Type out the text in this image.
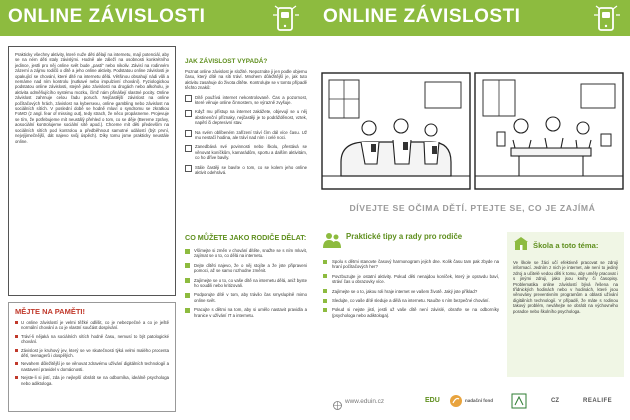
ONLINE ZÁVISLOSTI
Prakticky všechny aktivity, které nuže děti dělají na internetu, mají potenciál, aby se na ném děti staly závislými. Hodně ale záleží na osobnosti konkrétního jedince, jestli pro něj online svět bude „pastí“ nebo nikoliv. Závisí na rodinném zázemí a zájmu rodičů o dítě a jeho online aktivity. Podstatou online závislosti je opakující se chování, které dítě na internetu dělá. Většinou obsahují nádi vůli a nemáme nad ním kontrolu (nutkavé nebo impulzivní chování). Fyziologickou podstatou online závislosti, stejně jako závislosti na drogách nebo alkoholu, je aktivita odměňujícího systému mozku, čímž nám přinášejí slastné pocity. Online závislost zahrnuje celou řadu poruch. Nejčastější závislost na online počítačových hrách, závislost na kybersexu, online gambling nebo závislost na sociálních sítích. V poslední době se hodně mluví o syndromu se zkratkou FoMO (z angl. fear of missing out), tedy strach, že něco propásneme. Projevuje se tím, že potřebujeme mít neustálý přehled o tom, co se děje (Bereme zprávy, aosociální kontrolujeme sociální sítě apod.). Chceme mít děti především na sociálních sítích pod kontrolou a předběhnout samotné událostí (být první, nejvýjimečnější, dát najevo svůj úspěch). Díky tomu jsme prakticky neustále online.
MĚJTE NA PAMĚTI!
U online závislostí je velmi těžké odlišit, co je nebezpečné a co je ještě normální chování a co je vlastní součást dospívání.
Tráví-li nějaká na sociálních sítích hodně času, nemusí to být patologické chování.
Závislost je kruhový jev, který se ve skutečnosti týká velmi malého procenta dětí, teenagerů i dospělých.
Nevahem důležitější je se věnovat zdravému užívání digitálních technologií a nastavení pravidel v domácnosti.
Nejste-li si jistí, zda je nejlepší obrátit se na odborníka, ideálně psychologa nebo adiktologa.
JAK ZÁVISLOST VYPADÁ?
Poznat online závislost je složité. Nepoznáte ji jen podle objemu času, který dítě na síti tráví. Mnohem důležitější je, jak tuto aktivitu zasahuje do života dítěte. Kontrolujte se v tomto případě těchto znaků:
Dítě používá internet nekontrolovaně. Čas a pozornost, které věnuje online činnostem, se výrazně zvyšuje.
Když mu přístup na internet zakážete, objevují se u něj abstinenční příznaky, nejčastěji je to podrážděnost, vztek, napětí či depresivní stav.
Na svém oblíbeném zařízení tráví čím dál více času. Už mu nestačí hodina, ale tráví nad ním i celé noci.
Zanedbává své povinnosti nebo školu, přestává se věnovat koníčkům, kamarádům, sportu a dalším aktivitám, co ho dříve bavily.
Stále častěji se bavíte o tom, co se kolem jeho online aktivit odehrává.
CO MŮŽETE JAKO RODIČE DĚLAT:
Všímejte si změn v chování dítěte, snažte se s ním mluvit, zajímat se o to, co dělá na internetu.
Dejte dítěti najevo, že o něj stojíte a že jste připraveni pomoci, až se samo rozhodne změnit.
Zajímejte se o to, co vaše dítě na internetu dělá, aniž byste ho soudili nebo kritizovali.
Podporujte dítě v tom, aby trávilo čas smysluplně mimo online svět.
Pracujte s dětmi na tom, aby si umělo nastavit pravidla a hranice v užívání IT a internetu.
ONLINE ZÁVISLOSTI
DÍVEJTE SE OČIMA DĚTÍ. PTEJTE SE, CO JE ZAJÍMÁ
Praktické tipy a rady pro rodiče
Spolu s dětmi stanovte časový harmonogram jejich dne. Kolik času tam pak zbyde na hraní počítačových her?
Povzbuzujte je ostatní aktivity. Pokud děti nenajdou koníček, který je opravdu baví, stráví čas u obrazovky více.
Zajímejte se o to, jakou roli hraje internet ve vašem životě. Jaký jste příklad?
Sledujte, co vaše dítě sleduje a dělá na internetu. Naučte s ním bezpečné chování.
Pokud si nejste jistí, jestli už vaše dítě není závislé, obraťte se na odborníky (psychologa nebo adiktologa).
Škola a toto téma:
Ve škole se žáci učí efektivně pracovat se zdroji informací. Jedním z nich je internet, ale není to jediný zdroj a učitelé vedou děti k tomu, aby uměly pracovat i s jinými zdroji, jako jsou knihy či časopisy. Problematika online závislostí bývá řešena na třídnických hodinách nebo v hodinách, které jsou věnovány preventivním programům a oblasti užívání digitálních technologií. V případě, že máte s rodinou takový problém, neváhejte se obrátit na výchovného poradce nebo školního psychologa.
www.eduin.cz	EDU	nadační fond	CZ	REALIFE
